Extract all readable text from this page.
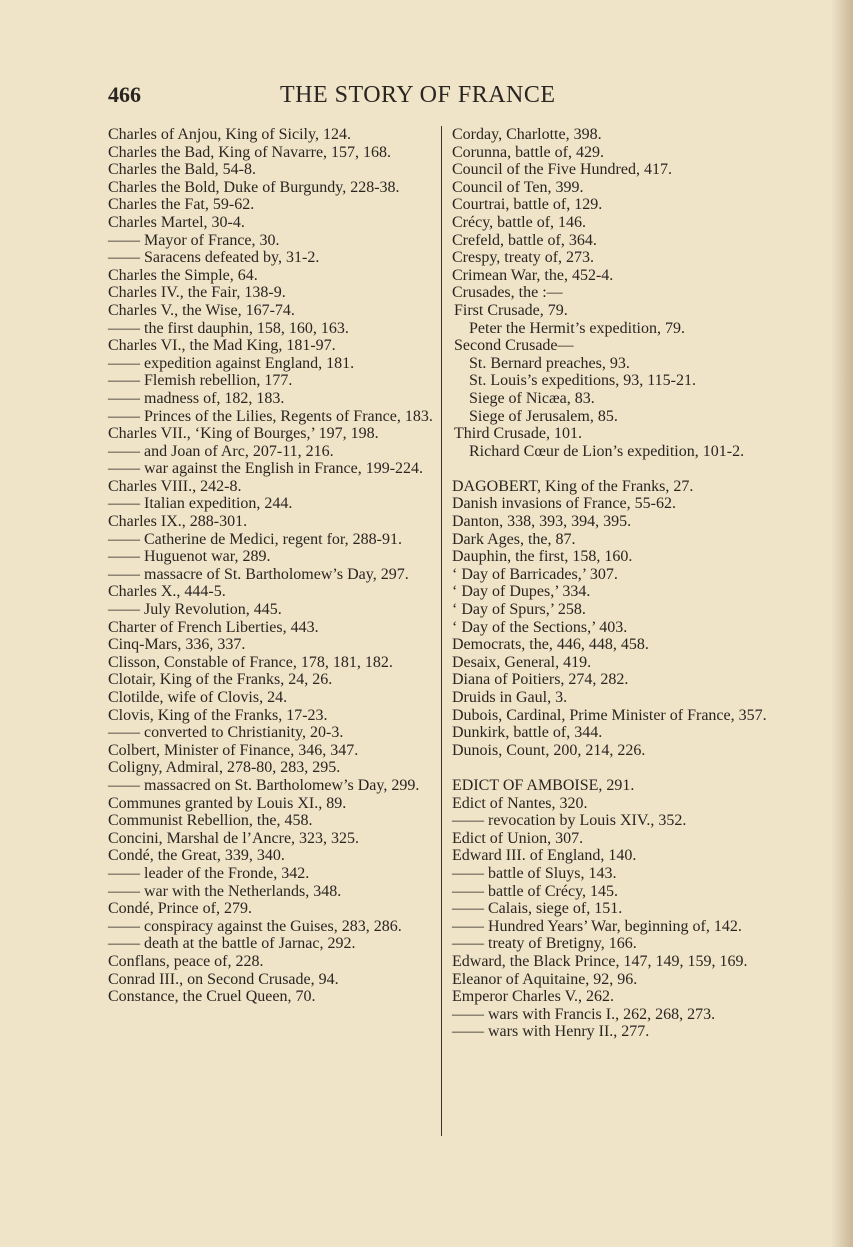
466	THE STORY OF FRANCE
Charles of Anjou, King of Sicily, 124.
Charles the Bad, King of Navarre, 157, 168.
Charles the Bald, 54-8.
Charles the Bold, Duke of Burgundy, 228-38.
Charles the Fat, 59-62.
Charles Martel, 30-4.
—— Mayor of France, 30.
—— Saracens defeated by, 31-2.
Charles the Simple, 64.
Charles IV., the Fair, 138-9.
Charles V., the Wise, 167-74.
—— the first dauphin, 158, 160, 163.
Charles VI., the Mad King, 181-97.
—— expedition against England, 181.
—— Flemish rebellion, 177.
—— madness of, 182, 183.
—— Princes of the Lilies, Regents of France, 183.
Charles VII., ‘King of Bourges,’ 197, 198.
—— and Joan of Arc, 207-11, 216.
—— war against the English in France, 199-224.
Charles VIII., 242-8.
—— Italian expedition, 244.
Charles IX., 288-301.
—— Catherine de Medici, regent for, 288-91.
—— Huguenot war, 289.
—— massacre of St. Bartholomew’s Day, 297.
Charles X., 444-5.
—— July Revolution, 445.
Charter of French Liberties, 443.
Cinq-Mars, 336, 337.
Clisson, Constable of France, 178, 181, 182.
Clotair, King of the Franks, 24, 26.
Clotilde, wife of Clovis, 24.
Clovis, King of the Franks, 17-23.
—— converted to Christianity, 20-3.
Colbert, Minister of Finance, 346, 347.
Coligny, Admiral, 278-80, 283, 295.
—— massacred on St. Bartholomew’s Day, 299.
Communes granted by Louis XI., 89.
Communist Rebellion, the, 458.
Concini, Marshal de l’Ancre, 323, 325.
Condé, the Great, 339, 340.
—— leader of the Fronde, 342.
—— war with the Netherlands, 348.
Condé, Prince of, 279.
—— conspiracy against the Guises, 283, 286.
—— death at the battle of Jarnac, 292.
Conflans, peace of, 228.
Conrad III., on Second Crusade, 94.
Constance, the Cruel Queen, 70.
Corday, Charlotte, 398.
Corunna, battle of, 429.
Council of the Five Hundred, 417.
Council of Ten, 399.
Courtrai, battle of, 129.
Crécy, battle of, 146.
Crefeld, battle of, 364.
Crespy, treaty of, 273.
Crimean War, the, 452-4.
Crusades, the :—
First Crusade, 79.
Peter the Hermit’s expedition, 79.
Second Crusade—
St. Bernard preaches, 93.
St. Louis’s expeditions, 93, 115-21.
Siege of Nicæa, 83.
Siege of Jerusalem, 85.
Third Crusade, 101.
Richard Cœur de Lion’s expedition, 101-2.
DAGOBERT, King of the Franks, 27.
Danish invasions of France, 55-62.
Danton, 338, 393, 394, 395.
Dark Ages, the, 87.
Dauphin, the first, 158, 160.
‘ Day of Barricades,’ 307.
‘ Day of Dupes,’ 334.
‘ Day of Spurs,’ 258.
‘ Day of the Sections,’ 403.
Democrats, the, 446, 448, 458.
Desaix, General, 419.
Diana of Poitiers, 274, 282.
Druids in Gaul, 3.
Dubois, Cardinal, Prime Minister of France, 357.
Dunkirk, battle of, 344.
Dunois, Count, 200, 214, 226.
EDICT OF AMBOISE, 291.
Edict of Nantes, 320.
—— revocation by Louis XIV., 352.
Edict of Union, 307.
Edward III. of England, 140.
—— battle of Sluys, 143.
—— battle of Crécy, 145.
—— Calais, siege of, 151.
—— Hundred Years’ War, beginning of, 142.
—— treaty of Bretigny, 166.
Edward, the Black Prince, 147, 149, 159, 169.
Eleanor of Aquitaine, 92, 96.
Emperor Charles V., 262.
—— wars with Francis I., 262, 268, 273.
—— wars with Henry II., 277.
